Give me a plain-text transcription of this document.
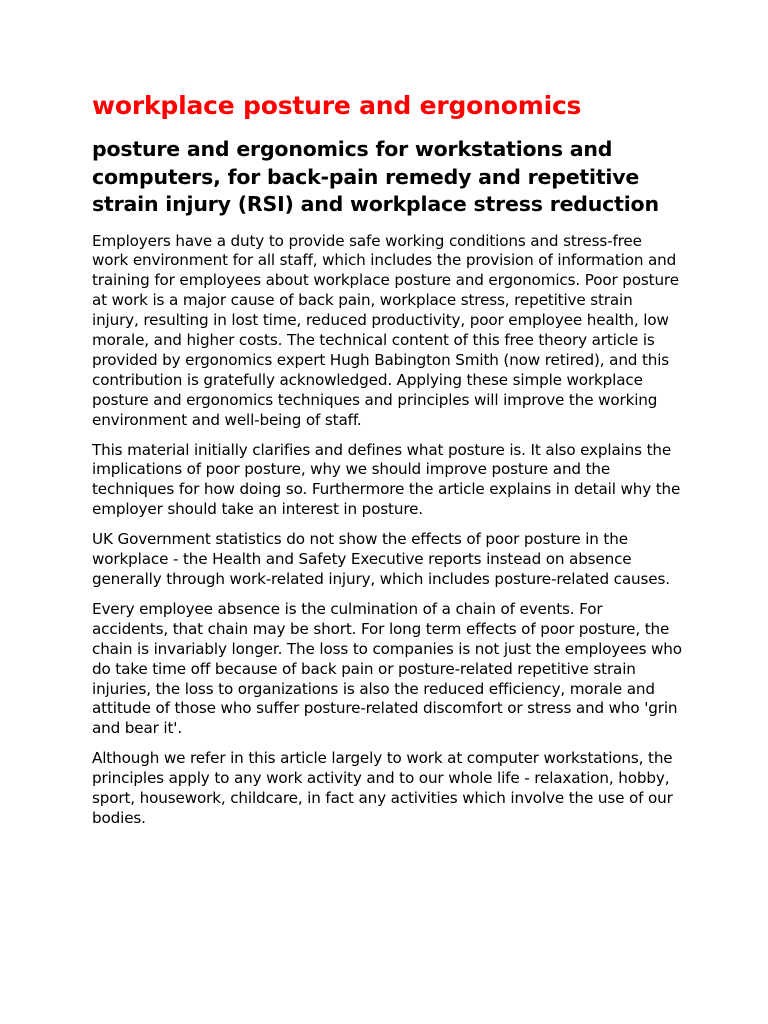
workplace posture and ergonomics
posture and ergonomics for workstations and computers, for back-pain remedy and repetitive strain injury (RSI) and workplace stress reduction

Employers have a duty to provide safe working conditions and stress-free work environment for all staff, which includes the provision of information and training for employees about workplace posture and ergonomics. Poor posture at work is a major cause of back pain, workplace stress, repetitive strain injury, resulting in lost time, reduced productivity, poor employee health, low morale, and higher costs. The technical content of this free theory article is provided by ergonomics expert Hugh Babington Smith (now retired), and this contribution is gratefully acknowledged. Applying these simple workplace posture and ergonomics techniques and principles will improve the working environment and well-being of staff.

This material initially clarifies and defines what posture is. It also explains the implications of poor posture, why we should improve posture and the techniques for how doing so. Furthermore the article explains in detail why the employer should take an interest in posture.

UK Government statistics do not show the effects of poor posture in the workplace - the Health and Safety Executive reports instead on absence generally through work-related injury, which includes posture-related causes.

Every employee absence is the culmination of a chain of events. For accidents, that chain may be short. For long term effects of poor posture, the chain is invariably longer. The loss to companies is not just the employees who do take time off because of back pain or posture-related repetitive strain injuries, the loss to organizations is also the reduced efficiency, morale and attitude of those who suffer posture-related discomfort or stress and who 'grin and bear it'.

Although we refer in this article largely to work at computer workstations, the principles apply to any work activity and to our whole life - relaxation, hobby, sport, housework, childcare, in fact any activities which involve the use of our bodies.
